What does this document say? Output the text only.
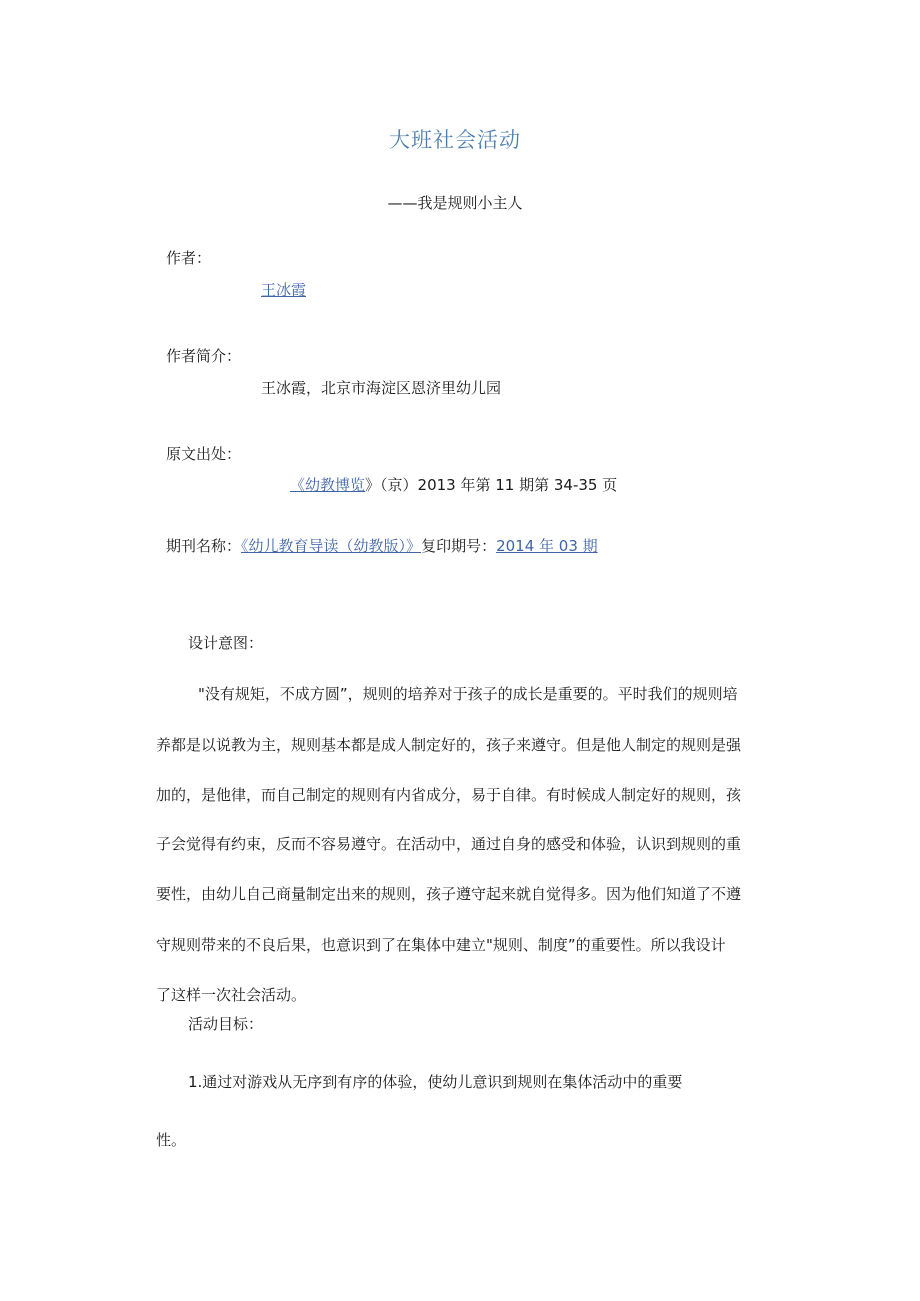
大班社会活动
——我是规则小主人
作者：
王冰霞
作者简介：
王冰霞，北京市海淀区恩济里幼儿园
原文出处：
《幼教博览》（京）2013 年第 11 期第 34-35 页
期刊名称：《幼儿教育导读（幼教版）》复印期号：2014 年 03 期
设计意图：
"没有规矩，不成方圆”，规则的培养对于孩子的成长是重要的。平时我们的规则培
养都是以说教为主，规则基本都是成人制定好的，孩子来遵守。但是他人制定的规则是强
加的，是他律，而自己制定的规则有内省成分，易于自律。有时候成人制定好的规则，孩
子会觉得有约束，反而不容易遵守。在活动中，通过自身的感受和体验，认识到规则的重
要性，由幼儿自己商量制定出来的规则，孩子遵守起来就自觉得多。因为他们知道了不遵
守规则带来的不良后果，也意识到了在集体中建立"规则、制度”的重要性。所以我设计
了这样一次社会活动。
活动目标：
1.通过对游戏从无序到有序的体验，使幼儿意识到规则在集体活动中的重要
性。
